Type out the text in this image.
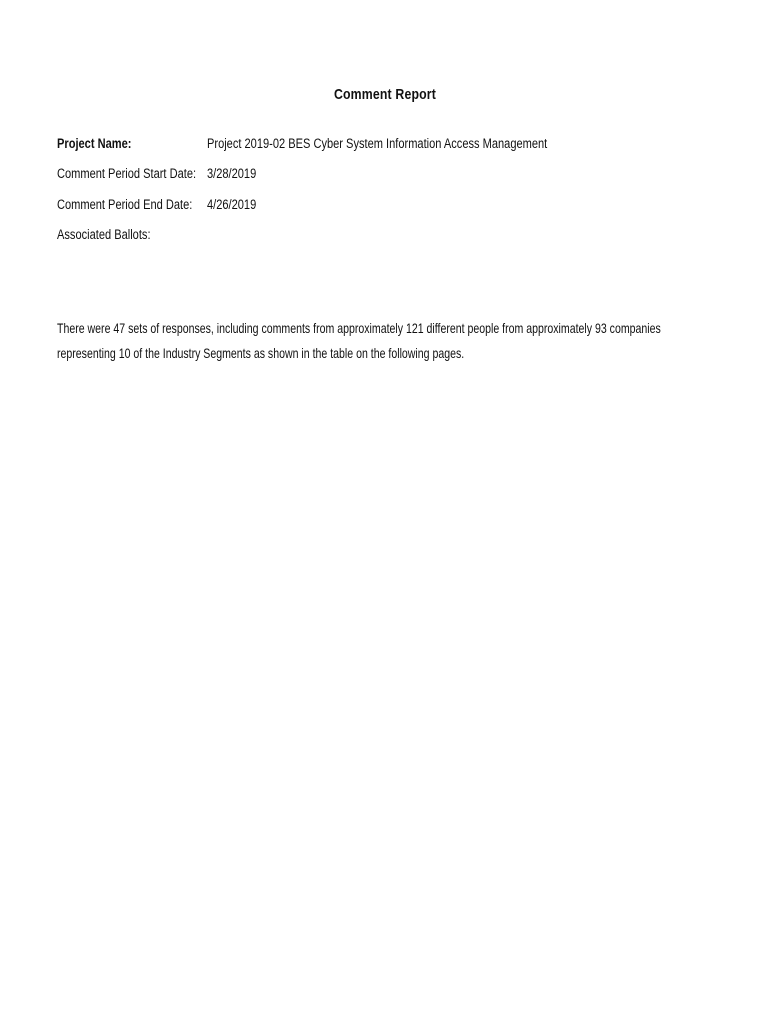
Comment Report
Project Name:	Project 2019-02 BES Cyber System Information Access Management
Comment Period Start Date: 3/28/2019
Comment Period End Date: 4/26/2019
Associated Ballots:
There were 47 sets of responses, including comments from approximately 121 different people from approximately 93 companies
representing 10 of the Industry Segments as shown in the table on the following pages.
